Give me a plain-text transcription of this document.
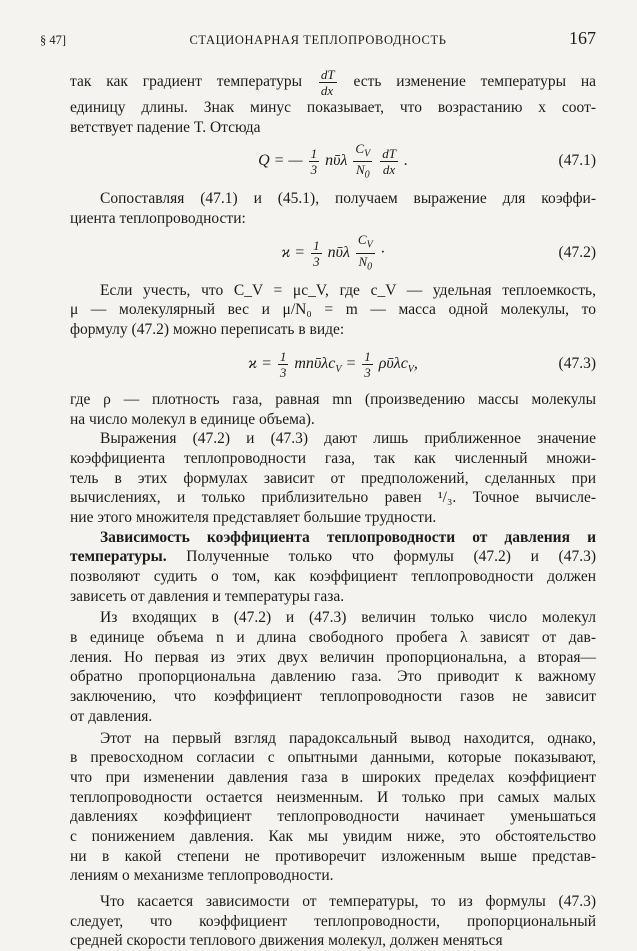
§ 47]	СТАЦИОНАРНАЯ ТЕПЛОПРОВОДНОСТЬ	167
так как градиент температуры $\frac{dT}{dx}$ есть изменение температуры на
единицу длины. Знак минус показывает, что возрастанию x соот-
ветствует падение T. Отсюда
Q = — $\frac{1}{3}$ nῡλ $\frac{C_V}{N_0}$
$\frac{dT}{dx}$ .	(47.1)
Сопоставляя (47.1) и (45.1), получаем выражение для коэффи-
циента теплопроводности:
$ϰ = \frac{1}{3}$ nῡλ $\frac{C_V}{N_0}$ ·	(47.2)
Если учесть, что C_V = μc_V, где c_V — удельная теплоемкость,
μ — молекулярный вес и μ/N₀ = m — масса одной молекулы, то
формулу (47.2) можно переписать в виде:
$ϰ = \frac{1}{3}$ $mn\upsilon̄\lambda c_V = \frac{1}{3}$ $\rho\upsilon̄\lambda c_V$,	(47.3)
где ρ — плотность газа, равная mn (произведению массы молекулы
на число молекул в единице объема).
Выражения (47.2) и (47.3) дают лишь приближенное значение
коэффициента теплопроводности газа, так как численный множи-
тель в этих формулах зависит от предположений, сделанных при
вычислениях, и только приблизительно равен ¹/₃. Точное вычисле-
ние этого множителя представляет большие трудности.
Зависимость коэффициента теплопроводности от давления и
температуры. Полученные только что формулы (47.2) и (47.3)
позволяют судить о том, как коэффициент теплопроводности должен
зависеть от давления и температуры газа.
Из входящих в (47.2) и (47.3) величин только число молекул
в единице объема n и длина свободного пробега λ зависят от дав-
ления. Но первая из этих двух величин пропорциональна, а вторая—
обратно пропорциональна давлению газа. Это приводит к важному
заключению, что коэффициент теплопроводности газов не зависит
от давления.
Этот на первый взгляд парадоксальный вывод находится, однако,
в превосходном согласии с опытными данными, которые показывают,
что при изменении давления газа в широких пределах коэффициент
теплопроводности остается неизменным. И только при самых малых
давлениях коэффициент теплопроводности начинает уменьшаться
с понижением давления. Как мы увидим ниже, это обстоятельство
ни в какой степени не противоречит изложенным выше представ-
лениям о механизме теплопроводности.
Что касается зависимости от температуры, то из формулы (47.3)
следует, что коэффициент теплопроводности, пропорциональный
средней скорости теплового движения молекул, должен меняться
